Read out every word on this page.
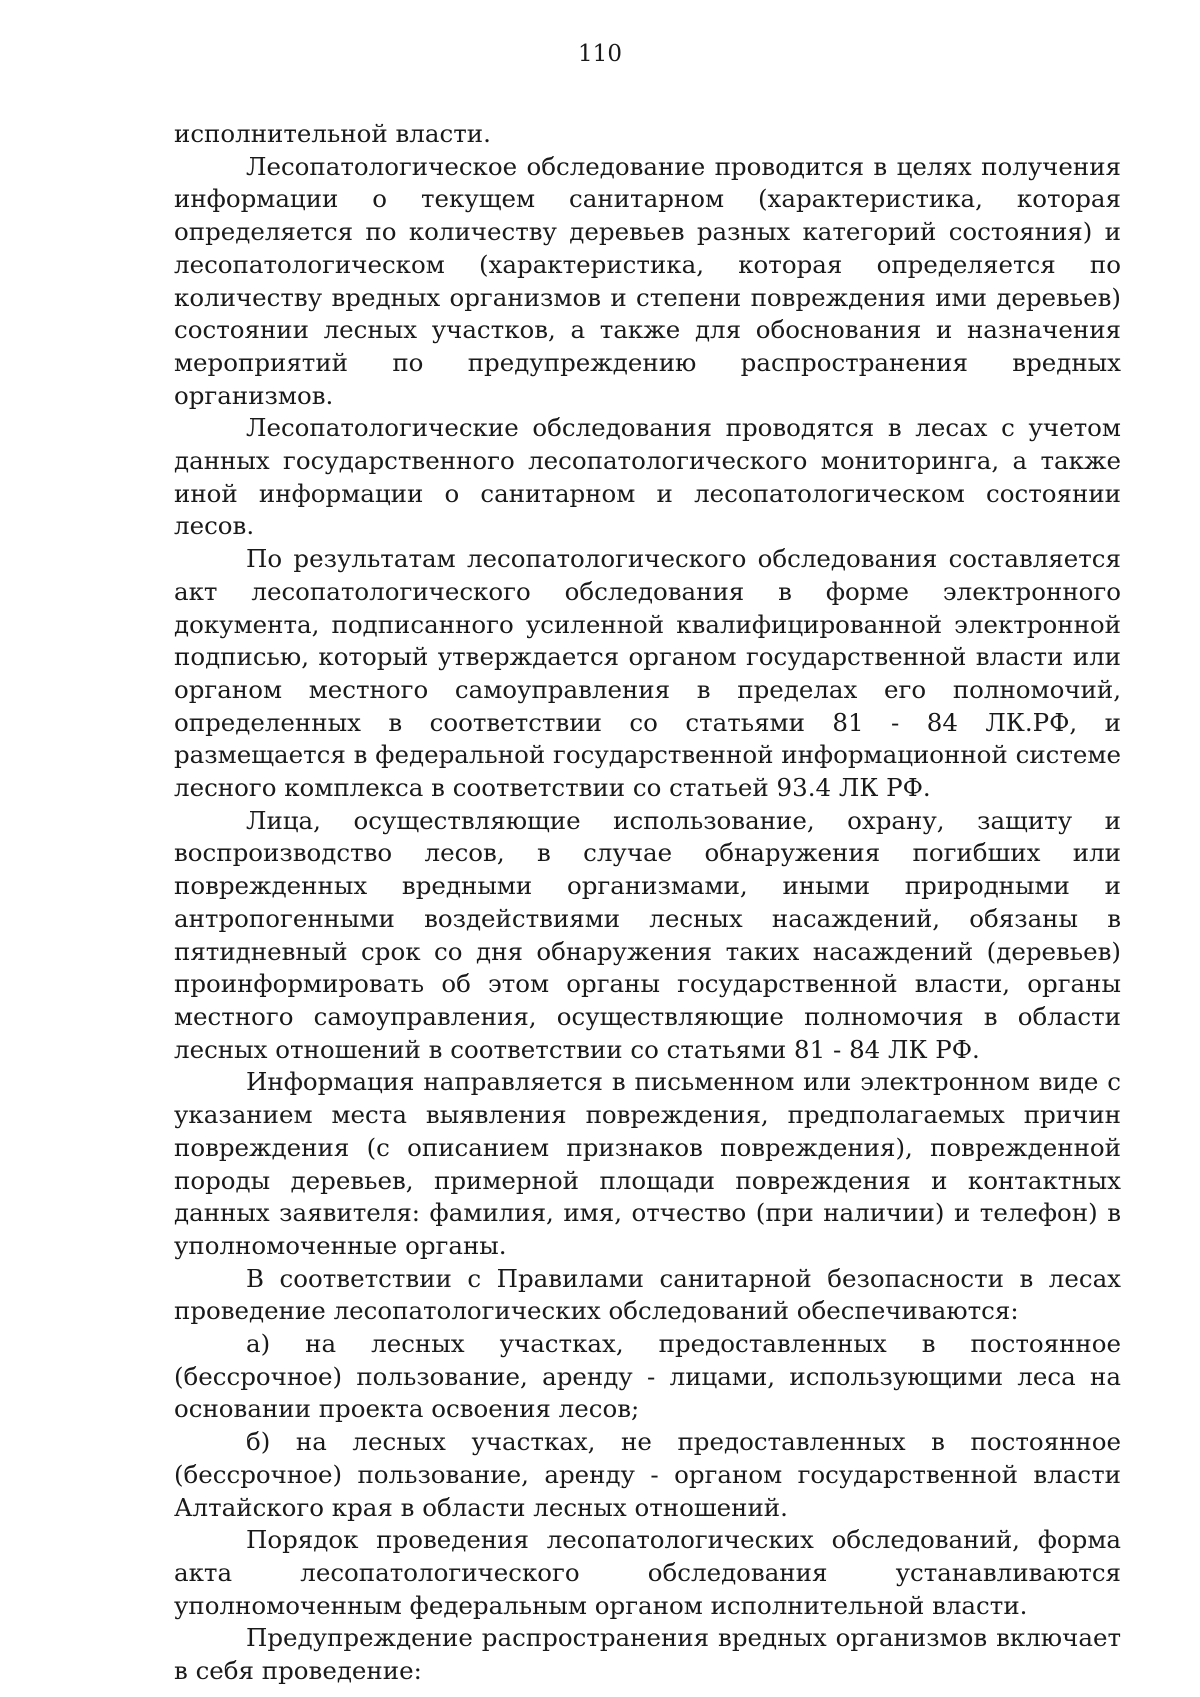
110

исполнительной власти.

Лесопатологическое обследование проводится в целях получения информации о текущем санитарном (характеристика, которая определяется по количеству деревьев разных категорий состояния) и лесопатологическом (характеристика, которая определяется по количеству вредных организмов и степени повреждения ими деревьев) состоянии лесных участков, а также для обоснования и назначения мероприятий по предупреждению распространения вредных организмов.

Лесопатологические обследования проводятся в лесах с учетом данных государственного лесопатологического мониторинга, а также иной информации о санитарном и лесопатологическом состоянии лесов.

По результатам лесопатологического обследования составляется акт лесопатологического обследования в форме электронного документа, подписанного усиленной квалифицированной электронной подписью, который утверждается органом государственной власти или органом местного самоуправления в пределах его полномочий, определенных в соответствии со статьями 81 - 84 ЛК.РФ, и размещается в федеральной государственной информационной системе лесного комплекса в соответствии со статьей 93.4 ЛК РФ.

Лица, осуществляющие использование, охрану, защиту и воспроизводство лесов, в случае обнаружения погибших или поврежденных вредными организмами, иными природными и антропогенными воздействиями лесных насаждений, обязаны в пятидневный срок со дня обнаружения таких насаждений (деревьев) проинформировать об этом органы государственной власти, органы местного самоуправления, осуществляющие полномочия в области лесных отношений в соответствии со статьями 81 - 84 ЛК РФ.

Информация направляется в письменном или электронном виде с указанием места выявления повреждения, предполагаемых причин повреждения (с описанием признаков повреждения), поврежденной породы деревьев, примерной площади повреждения и контактных данных заявителя: фамилия, имя, отчество (при наличии) и телефон) в уполномоченные органы.

В соответствии с Правилами санитарной безопасности в лесах проведение лесопатологических обследований обеспечиваются:

а) на лесных участках, предоставленных в постоянное (бессрочное) пользование, аренду - лицами, использующими леса на основании проекта освоения лесов;

б) на лесных участках, не предоставленных в постоянное (бессрочное) пользование, аренду - органом государственной власти Алтайского края в области лесных отношений.

Порядок проведения лесопатологических обследований, форма акта лесопатологического обследования устанавливаются уполномоченным федеральным органом исполнительной власти.

Предупреждение распространения вредных организмов включает в себя проведение:
